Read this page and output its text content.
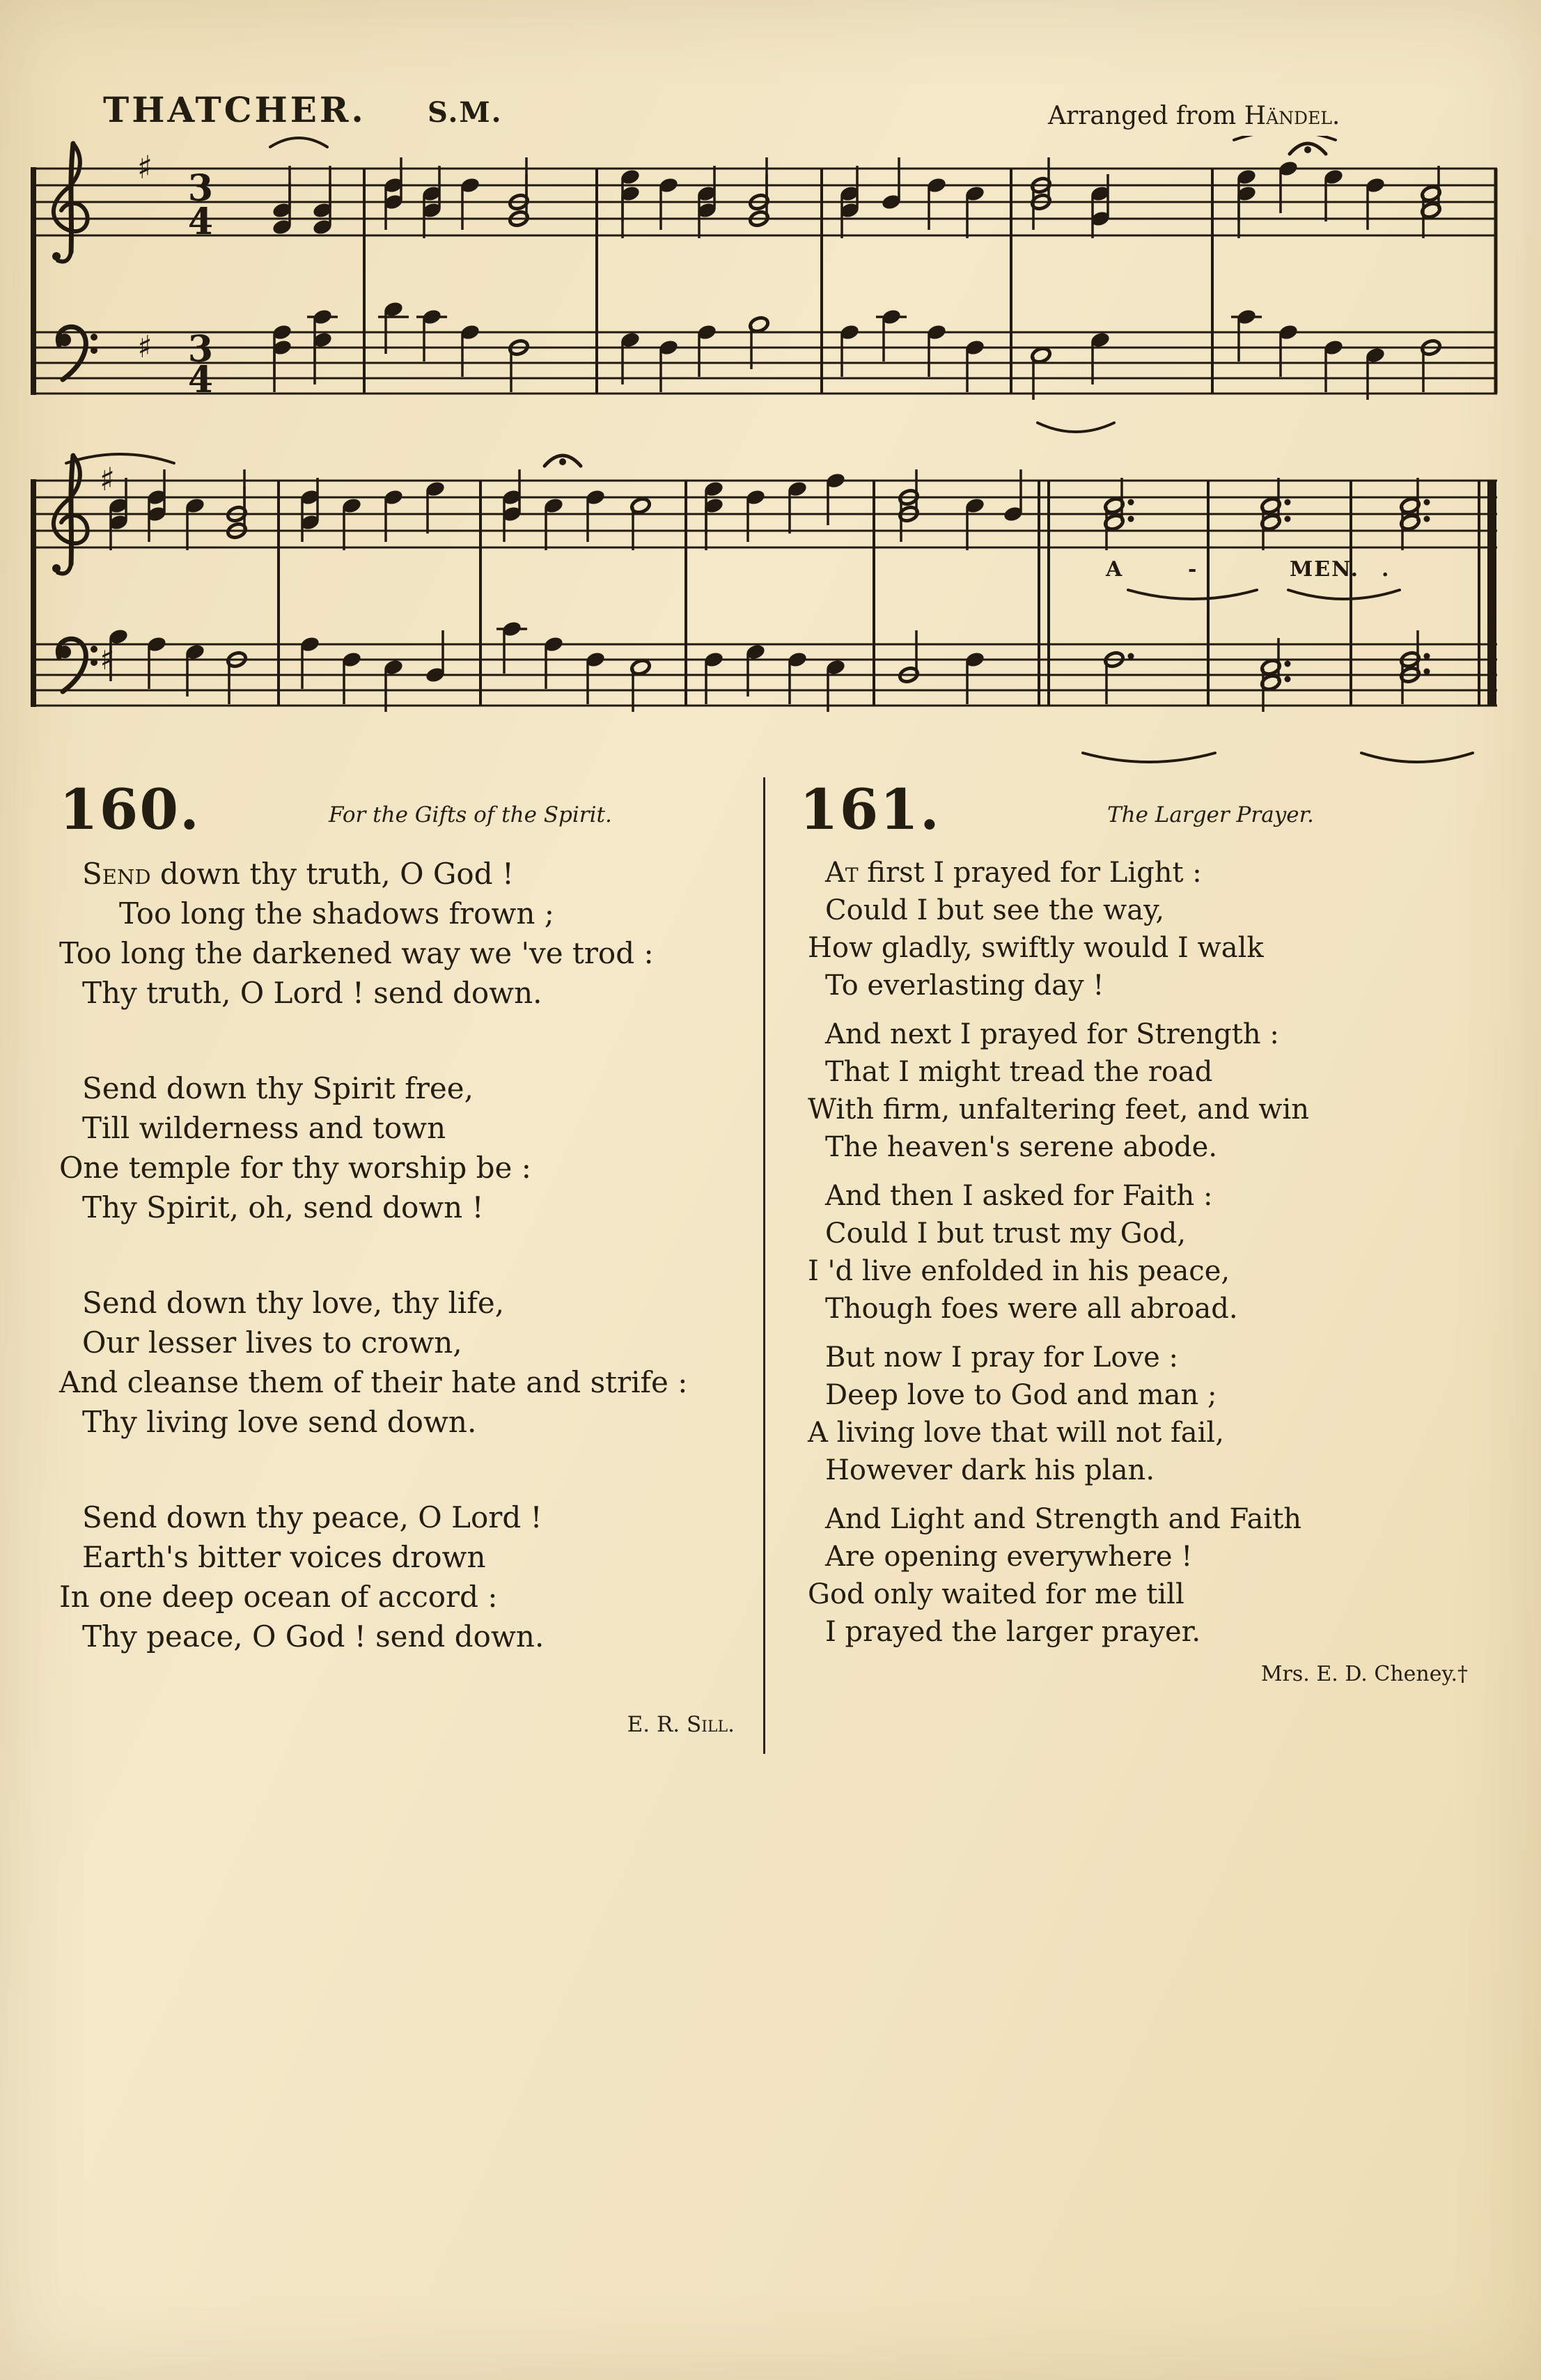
THATCHER. S.M.	Arranged from Händel.
♯
♯
3
4
3
4
♯
♯
A	-	MEN. .
160.	For the Gifts of the Spirit.
Send down thy truth, O God !
Too long the shadows frown ;
Too long the darkened way we 've trod :
Thy truth, O Lord ! send down.
Send down thy Spirit free,
Till wilderness and town
One temple for thy worship be :
Thy Spirit, oh, send down !
Send down thy love, thy life,
Our lesser lives to crown,
And cleanse them of their hate and strife :
Thy living love send down.
Send down thy peace, O Lord !
Earth's bitter voices drown
In one deep ocean of accord :
Thy peace, O God ! send down.
E. R. Sill.
161.	The Larger Prayer.
At first I prayed for Light :
Could I but see the way,
How gladly, swiftly would I walk
To everlasting day !
And next I prayed for Strength :
That I might tread the road
With firm, unfaltering feet, and win
The heaven's serene abode.
And then I asked for Faith :
Could I but trust my God,
I 'd live enfolded in his peace,
Though foes were all abroad.
But now I pray for Love :
Deep love to God and man ;
A living love that will not fail,
However dark his plan.
And Light and Strength and Faith
Are opening everywhere !
God only waited for me till
I prayed the larger prayer.
Mrs. E. D. Cheney.†
